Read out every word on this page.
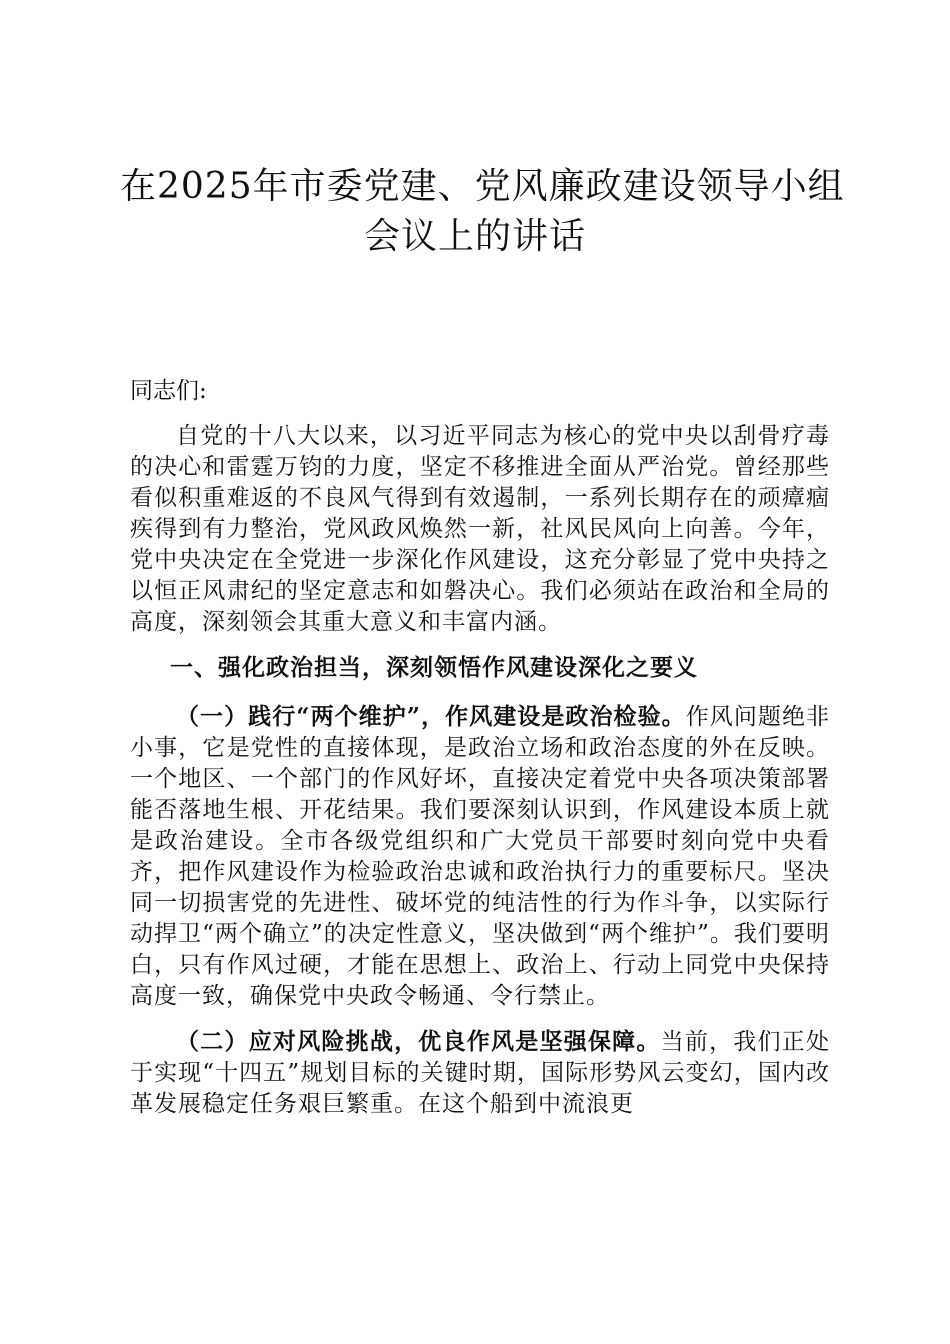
在2025年市委党建、党风廉政建设领导小组
会议上的讲话
同志们:

自党的十八大以来，以习近平同志为核心的党中央以刮骨疗毒的决心和雷霆万钧的力度，坚定不移推进全面从严治党。曾经那些看似积重难返的不良风气得到有效遏制，一系列长期存在的顽瘴痼疾得到有力整治，党风政风焕然一新，社风民风向上向善。今年，党中央决定在全党进一步深化作风建设，这充分彰显了党中央持之以恒正风肃纪的坚定意志和如磐决心。我们必须站在政治和全局的高度，深刻领会其重大意义和丰富内涵。

一、强化政治担当，深刻领悟作风建设深化之要义

（一）践行“两个维护”，作风建设是政治检验。作风问题绝非小事，它是党性的直接体现，是政治立场和政治态度的外在反映。一个地区、一个部门的作风好坏，直接决定着党中央各项决策部署能否落地生根、开花结果。我们要深刻认识到，作风建设本质上就是政治建设。全市各级党组织和广大党员干部要时刻向党中央看齐，把作风建设作为检验政治忠诚和政治执行力的重要标尺。坚决同一切损害党的先进性、破坏党的纯洁性的行为作斗争，以实际行动捍卫“两个确立”的决定性意义，坚决做到“两个维护”。我们要明白，只有作风过硬，才能在思想上、政治上、行动上同党中央保持高度一致，确保党中央政令畅通、令行禁止。

（二）应对风险挑战，优良作风是坚强保障。当前，我们正处于实现“十四五”规划目标的关键时期，国际形势风云变幻，国内改革发展稳定任务艰巨繁重。在这个船到中流浪更
